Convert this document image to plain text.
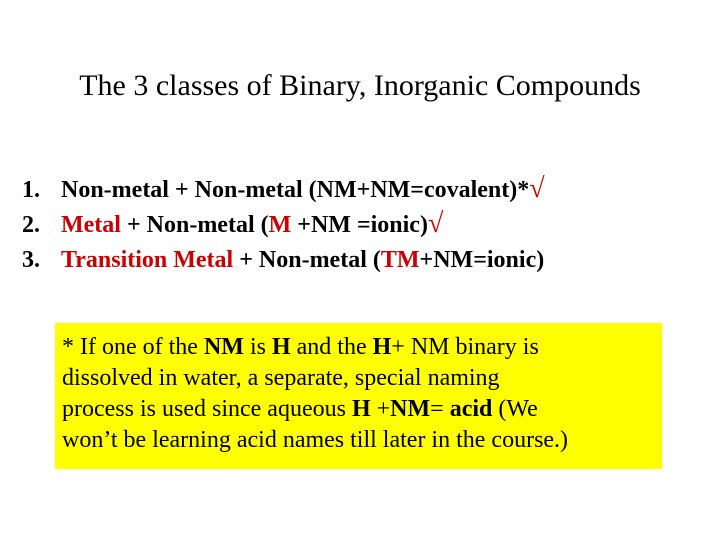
The 3 classes of Binary, Inorganic Compounds
1. Non-metal + Non-metal (NM+NM=covalent)*√
2. Metal + Non-metal (M +NM =ionic)√
3. Transition Metal + Non-metal (TM+NM=ionic)
* If one of the NM is H and the H+ NM binary is
dissolved in water, a separate, special naming
process is used since aqueous H +NM= acid (We
won’t be learning acid names till later in the course.)
